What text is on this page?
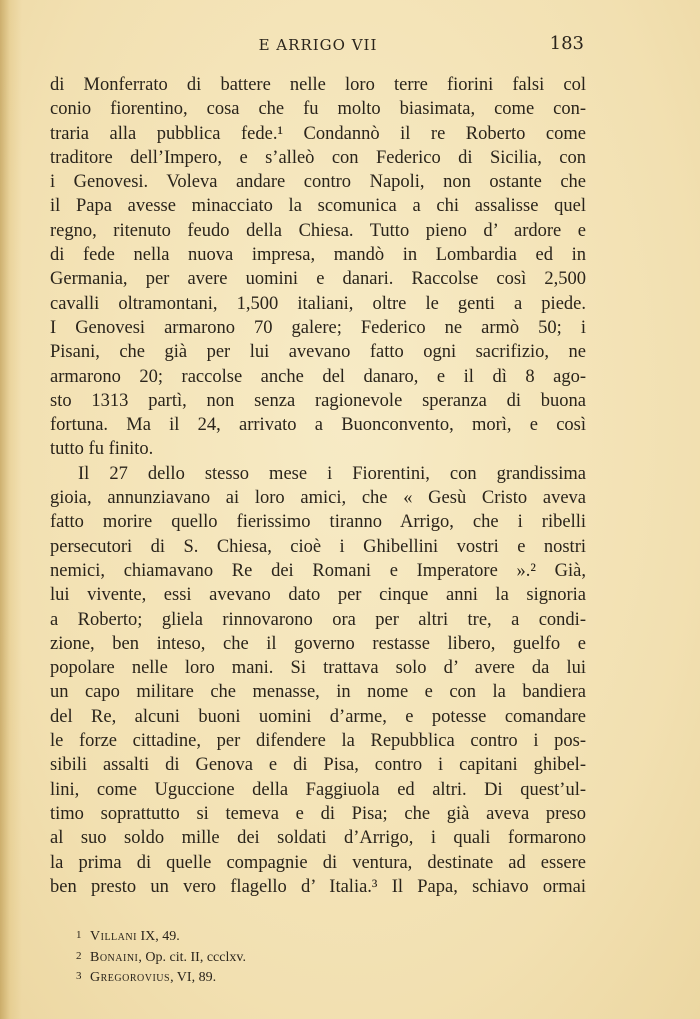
E ARRIGO VII	183
di Monferrato di battere nelle loro terre fiorini falsi col
conio fiorentino, cosa che fu molto biasimata, come con-
traria alla pubblica fede.¹ Condannò il re Roberto come
traditore dell’Impero, e s’alleò con Federico di Sicilia, con
i Genovesi. Voleva andare contro Napoli, non ostante che
il Papa avesse minacciato la scomunica a chi assalisse quel
regno, ritenuto feudo della Chiesa. Tutto pieno d’ ardore e
di fede nella nuova impresa, mandò in Lombardia ed in
Germania, per avere uomini e danari. Raccolse così 2,500
cavalli oltramontani, 1,500 italiani, oltre le genti a piede.
I Genovesi armarono 70 galere; Federico ne armò 50; i
Pisani, che già per lui avevano fatto ogni sacrifizio, ne
armarono 20; raccolse anche del danaro, e il dì 8 ago-
sto 1313 partì, non senza ragionevole speranza di buona
fortuna. Ma il 24, arrivato a Buonconvento, morì, e così
tutto fu finito.
Il 27 dello stesso mese i Fiorentini, con grandissima
gioia, annunziavano ai loro amici, che « Gesù Cristo aveva
fatto morire quello fierissimo tiranno Arrigo, che i ribelli
persecutori di S. Chiesa, cioè i Ghibellini vostri e nostri
nemici, chiamavano Re dei Romani e Imperatore ».² Già,
lui vivente, essi avevano dato per cinque anni la signoria
a Roberto; gliela rinnovarono ora per altri tre, a condi-
zione, ben inteso, che il governo restasse libero, guelfo e
popolare nelle loro mani. Si trattava solo d’ avere da lui
un capo militare che menasse, in nome e con la bandiera
del Re, alcuni buoni uomini d’arme, e potesse comandare
le forze cittadine, per difendere la Repubblica contro i pos-
sibili assalti di Genova e di Pisa, contro i capitani ghibel-
lini, come Uguccione della Faggiuola ed altri. Di quest’ul-
timo soprattutto si temeva e di Pisa; che già aveva preso
al suo soldo mille dei soldati d’Arrigo, i quali formarono
la prima di quelle compagnie di ventura, destinate ad essere
ben presto un vero flagello d’ Italia.³ Il Papa, schiavo ormai
1 Villani IX, 49.
2 Bonaini, Op. cit. II, ccclxv.
3 Gregorovius, VI, 89.
